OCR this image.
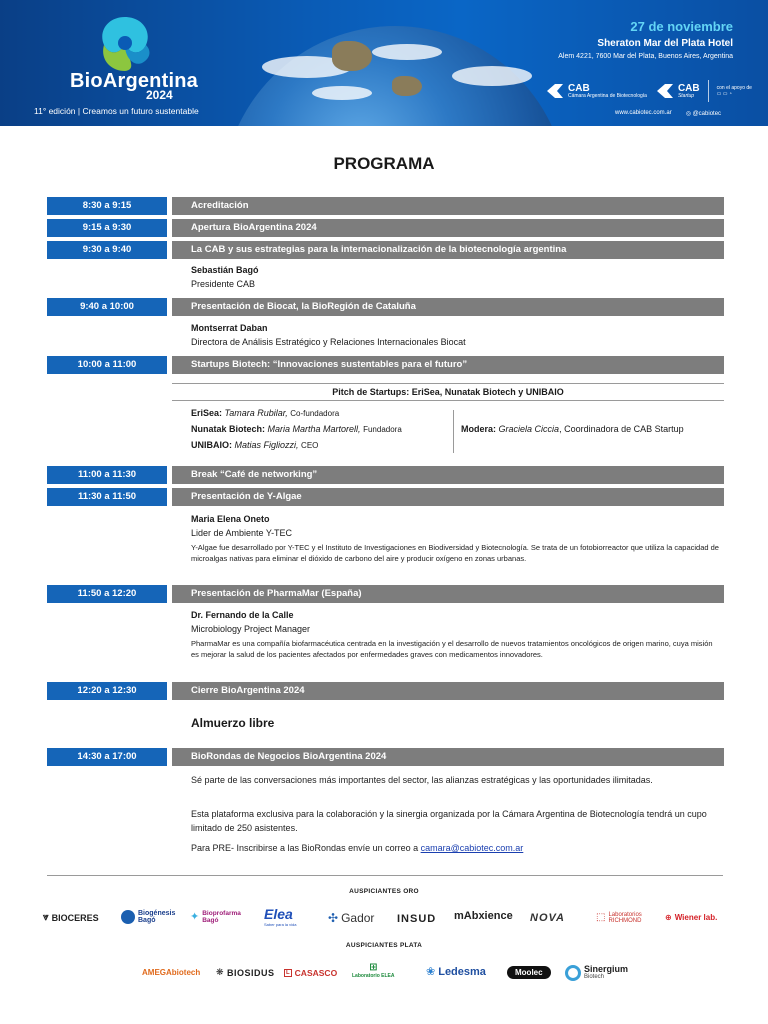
BioArgentina
2024
11° edición | Creamos un futuro sustentable
27 de noviembre
Sheraton Mar del Plata Hotel
Alem 4221, 7600 Mar del Plata, Buenos Aires, Argentina
CAB
Cámara Argentina de Biotecnología
CAB
Startup
con el apoyo de
▭ ▭ ◔
www.cabiotec.com.ar ◎ @cabiotec
PROGRAMA
8:30 a 9:15	Acreditación
9:15 a 9:30	Apertura BioArgentina 2024
9:30 a 9:40	La CAB y sus estrategias para la internacionalización de la biotecnología argentina
Sebastián Bagó
Presidente CAB
9:40 a 10:00	Presentación de Biocat, la BioRegión de Cataluña
Montserrat Daban
Directora de Análisis Estratégico y Relaciones Internacionales Biocat
10:00 a 11:00	Startups Biotech: “Innovaciones sustentables para el futuro”
Pitch de Startups: EriSea, Nunatak Biotech y UNIBAIO
EriSea: Tamara Rubilar, Co-fundadora
Nunatak Biotech: Maria Martha Martorell, Fundadora
UNIBAIO: Matias Figliozzi, CEO
Modera: Graciela Ciccia, Coordinadora de CAB Startup
11:00 a 11:30	Break “Café de networking”
11:30 a 11:50	Presentación de Y-Algae
Maria Elena Oneto
Lider de Ambiente Y-TEC
Y-Algae fue desarrollado por Y-TEC y el Instituto de Investigaciones en Biodiversidad y Biotecnología. Se trata de un fotobiorreactor que utiliza la capacidad de microalgas nativas para eliminar el dióxido de carbono del aire y producir oxígeno en zonas urbanas.
11:50 a 12:20	Presentación de PharmaMar (España)
Dr. Fernando de la Calle
Microbiology Project Manager
PharmaMar es una compañía biofarmacéutica centrada en la investigación y el desarrollo de nuevos tratamientos oncológicos de origen marino, cuya misión es mejorar la salud de los pacientes afectados por enfermedades graves con medicamentos innovadores.
12:20 a 12:30	Cierre BioArgentina 2024
Almuerzo libre
14:30 a 17:00	BioRondas de Negocios BioArgentina 2024
Sé parte de las conversaciones más importantes del sector, las alianzas estratégicas y las oportunidades ilimitadas.
Esta plataforma exclusiva para la colaboración y la sinergia organizada por la Cámara Argentina de Biotecnología tendrá un cupo limitado de 250 asistentes.
Para PRE- Inscribirse a las BioRondas envíe un correo a camara@cabiotec.com.ar
AUSPICIANTES ORO
⩔ BIOCERES	Biogénesis Bagó	✦ Bioprofarma Bagó	Elea
Saber para la vida	✣ Gador INSUD mAbxience NOVA	⬚ Laboratorios RICHMOND	⊕ Wiener lab.
AUSPICIANTES PLATA
AMEGAbiotech ❋ BIOSIDUS	L CASASCO	⊞
Laboratorio ELEA	❀ Ledesma	Moolec	Sinergium
Biotech
